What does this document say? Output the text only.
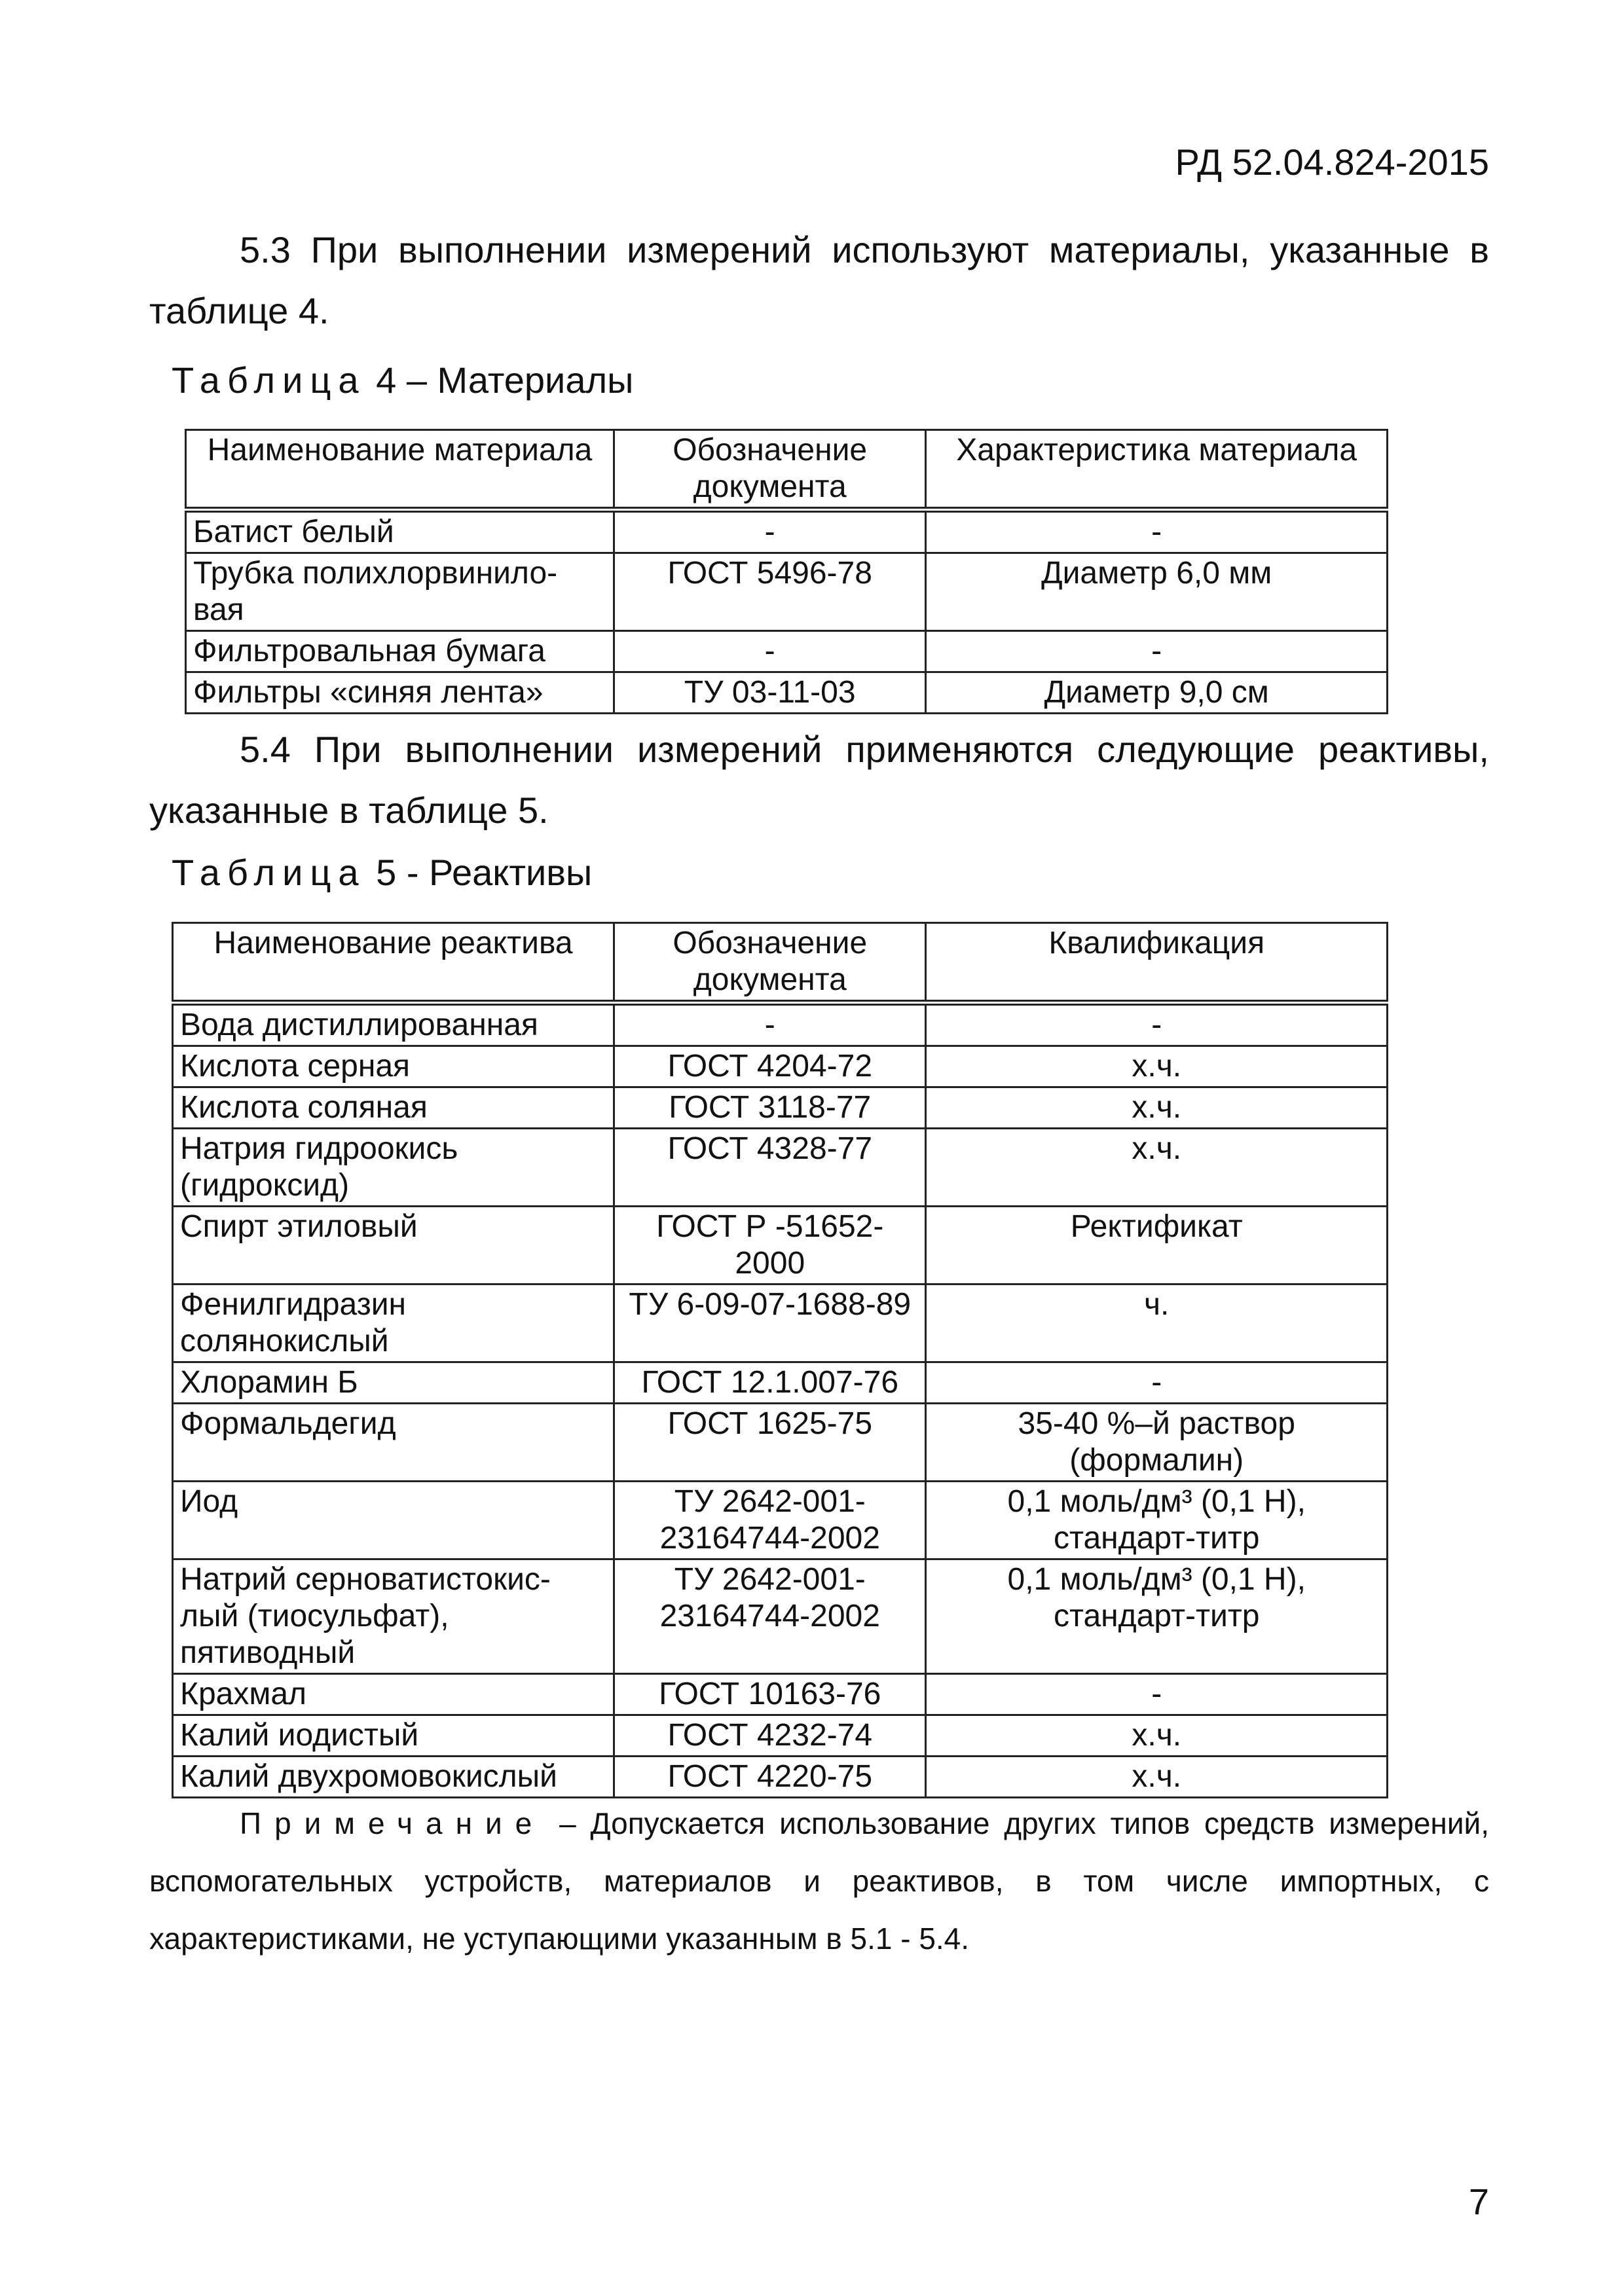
РД 52.04.824-2015
5.3 При выполнении измерений используют материалы, указанные в таблице 4.
Таблица 4 – Материалы
Наименование материала	Обозначение документа	Характеристика материала
Батист белый	-	-
Трубка полихлорвинило-вая	ГОСТ 5496-78	Диаметр 6,0 мм
Фильтровальная бумага	-	-
Фильтры «синяя лента»	ТУ 03-11-03	Диаметр 9,0 см
5.4 При выполнении измерений применяются следующие реактивы, указанные в таблице 5.
Таблица 5 - Реактивы
Наименование реактива	Обозначение документа	Квалификация
Вода дистиллированная	-	-
Кислота серная	ГОСТ 4204-72	х.ч.
Кислота соляная	ГОСТ 3118-77	х.ч.
Натрия гидроокись (гидроксид)	ГОСТ 4328-77	х.ч.
Спирт этиловый	ГОСТ Р -51652-2000	Ректификат
Фенилгидразин солянокислый	ТУ 6-09-07-1688-89	ч.
Хлорамин Б	ГОСТ 12.1.007-76	-
Формальдегид	ГОСТ 1625-75	35-40 %–й раствор (формалин)
Иод	ТУ 2642-001-23164744-2002	0,1 моль/дм³ (0,1 Н), стандарт-титр
Натрий серноватистокис-лый (тиосульфат), пятиводный	ТУ 2642-001-23164744-2002	0,1 моль/дм³ (0,1 Н), стандарт-титр
Крахмал	ГОСТ 10163-76	-
Калий иодистый	ГОСТ 4232-74	х.ч.
Калий двухромовокислый	ГОСТ 4220-75	х.ч.
Примечание – Допускается использование других типов средств измерений, вспомогательных устройств, материалов и реактивов, в том числе импортных, с характеристиками, не уступающими указанным в 5.1 - 5.4.
7
